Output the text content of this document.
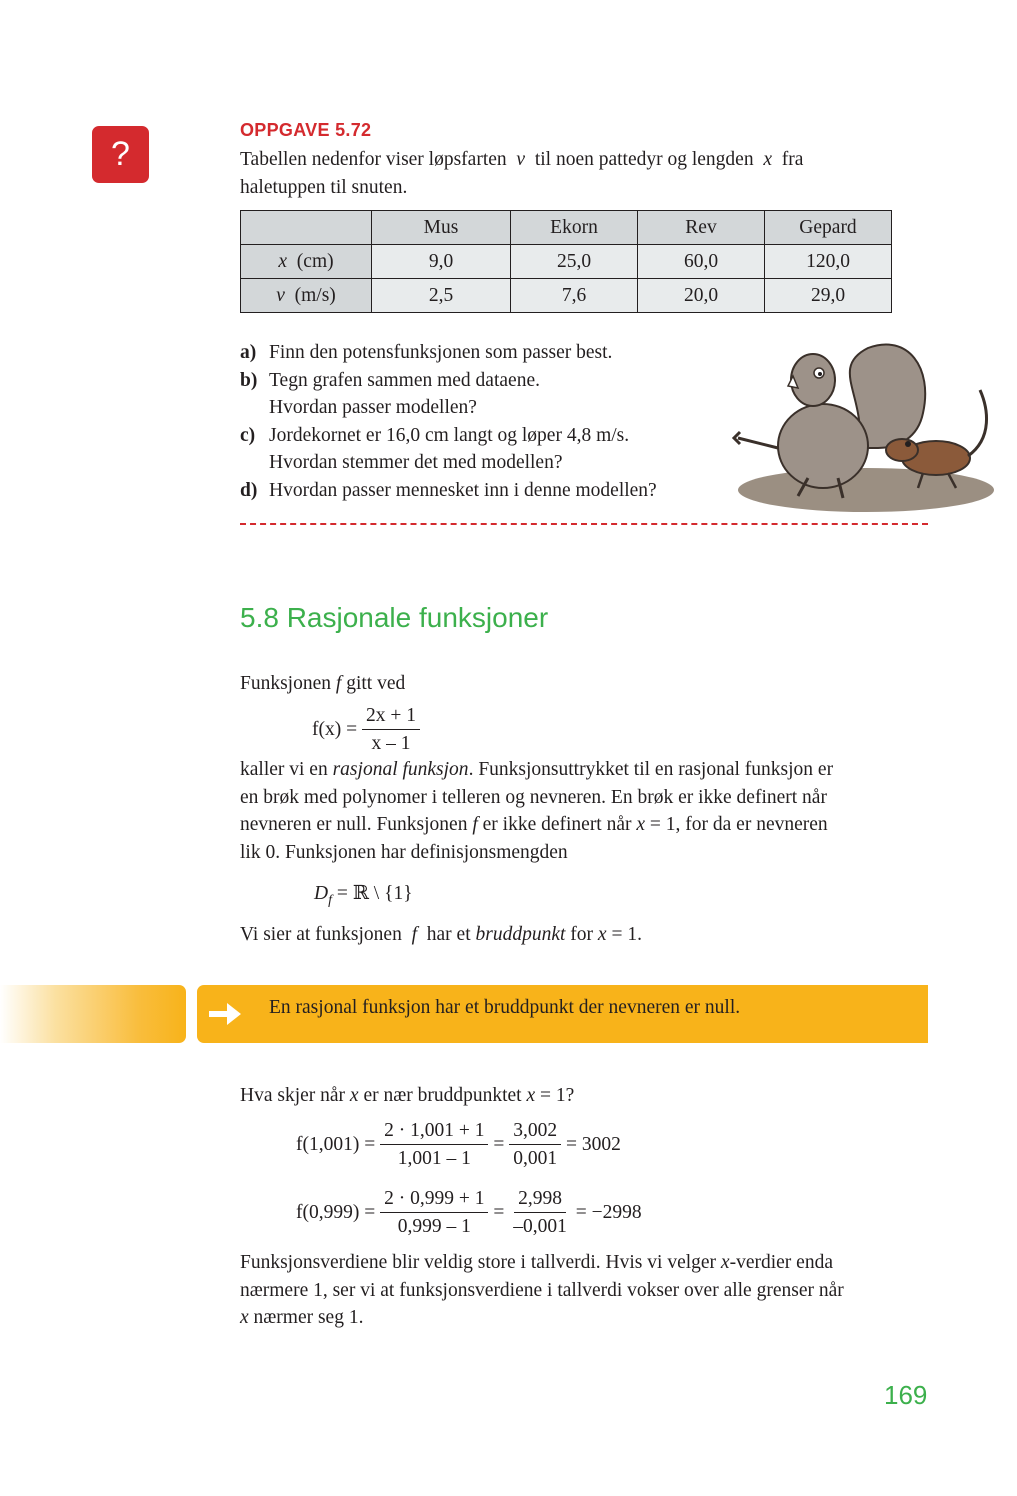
?
OPPGAVE 5.72
Tabellen nedenfor viser løpsfarten v til noen pattedyr og lengden x fra
haletuppen til snuten.
	Mus	Ekorn	Rev	Gepard
x (cm)	9,0	25,0	60,0	120,0
v (m/s)	2,5	7,6	20,0	29,0
a) Finn den potensfunksjonen som passer best.
b) Tegn grafen sammen med dataene.
Hvordan passer modellen?
c) Jordekornet er 16,0 cm langt og løper 4,8 m/s.
Hvordan stemmer det med modellen?
d) Hvordan passer mennesket inn i denne modellen?
5.8 Rasjonale funksjoner
Funksjonen f gitt ved
$f(x) = \frac{2x + 1}{x - 1}$
kaller vi en rasjonal funksjon. Funksjonsuttrykket til en rasjonal funksjon er
en brøk med polynomer i telleren og nevneren. En brøk er ikke definert når
nevneren er null. Funksjonen f er ikke definert når x = 1, for da er nevneren
lik 0. Funksjonen har definisjonsmengden
$D_f$ = ℝ \ {1}
Vi sier at funksjonen f har et bruddpunkt for x = 1.
En rasjonal funksjon har et bruddpunkt der nevneren er null.
Hva skjer når x er nær bruddpunktet x = 1?
$f(1,001) = \frac{2 \cdot 1,001 + 1}{1,001 - 1} = \frac{3,002}{0,001} = 3002$
$f(0,999) = \frac{2 \cdot 0,999 + 1}{0,999 - 1} = \frac{2,998}{-0,001} = -2998$
Funksjonsverdiene blir veldig store i tallverdi. Hvis vi velger x-verdier enda
nærmere 1, ser vi at funksjonsverdiene i tallverdi vokser over alle grenser når
x nærmer seg 1.
169
